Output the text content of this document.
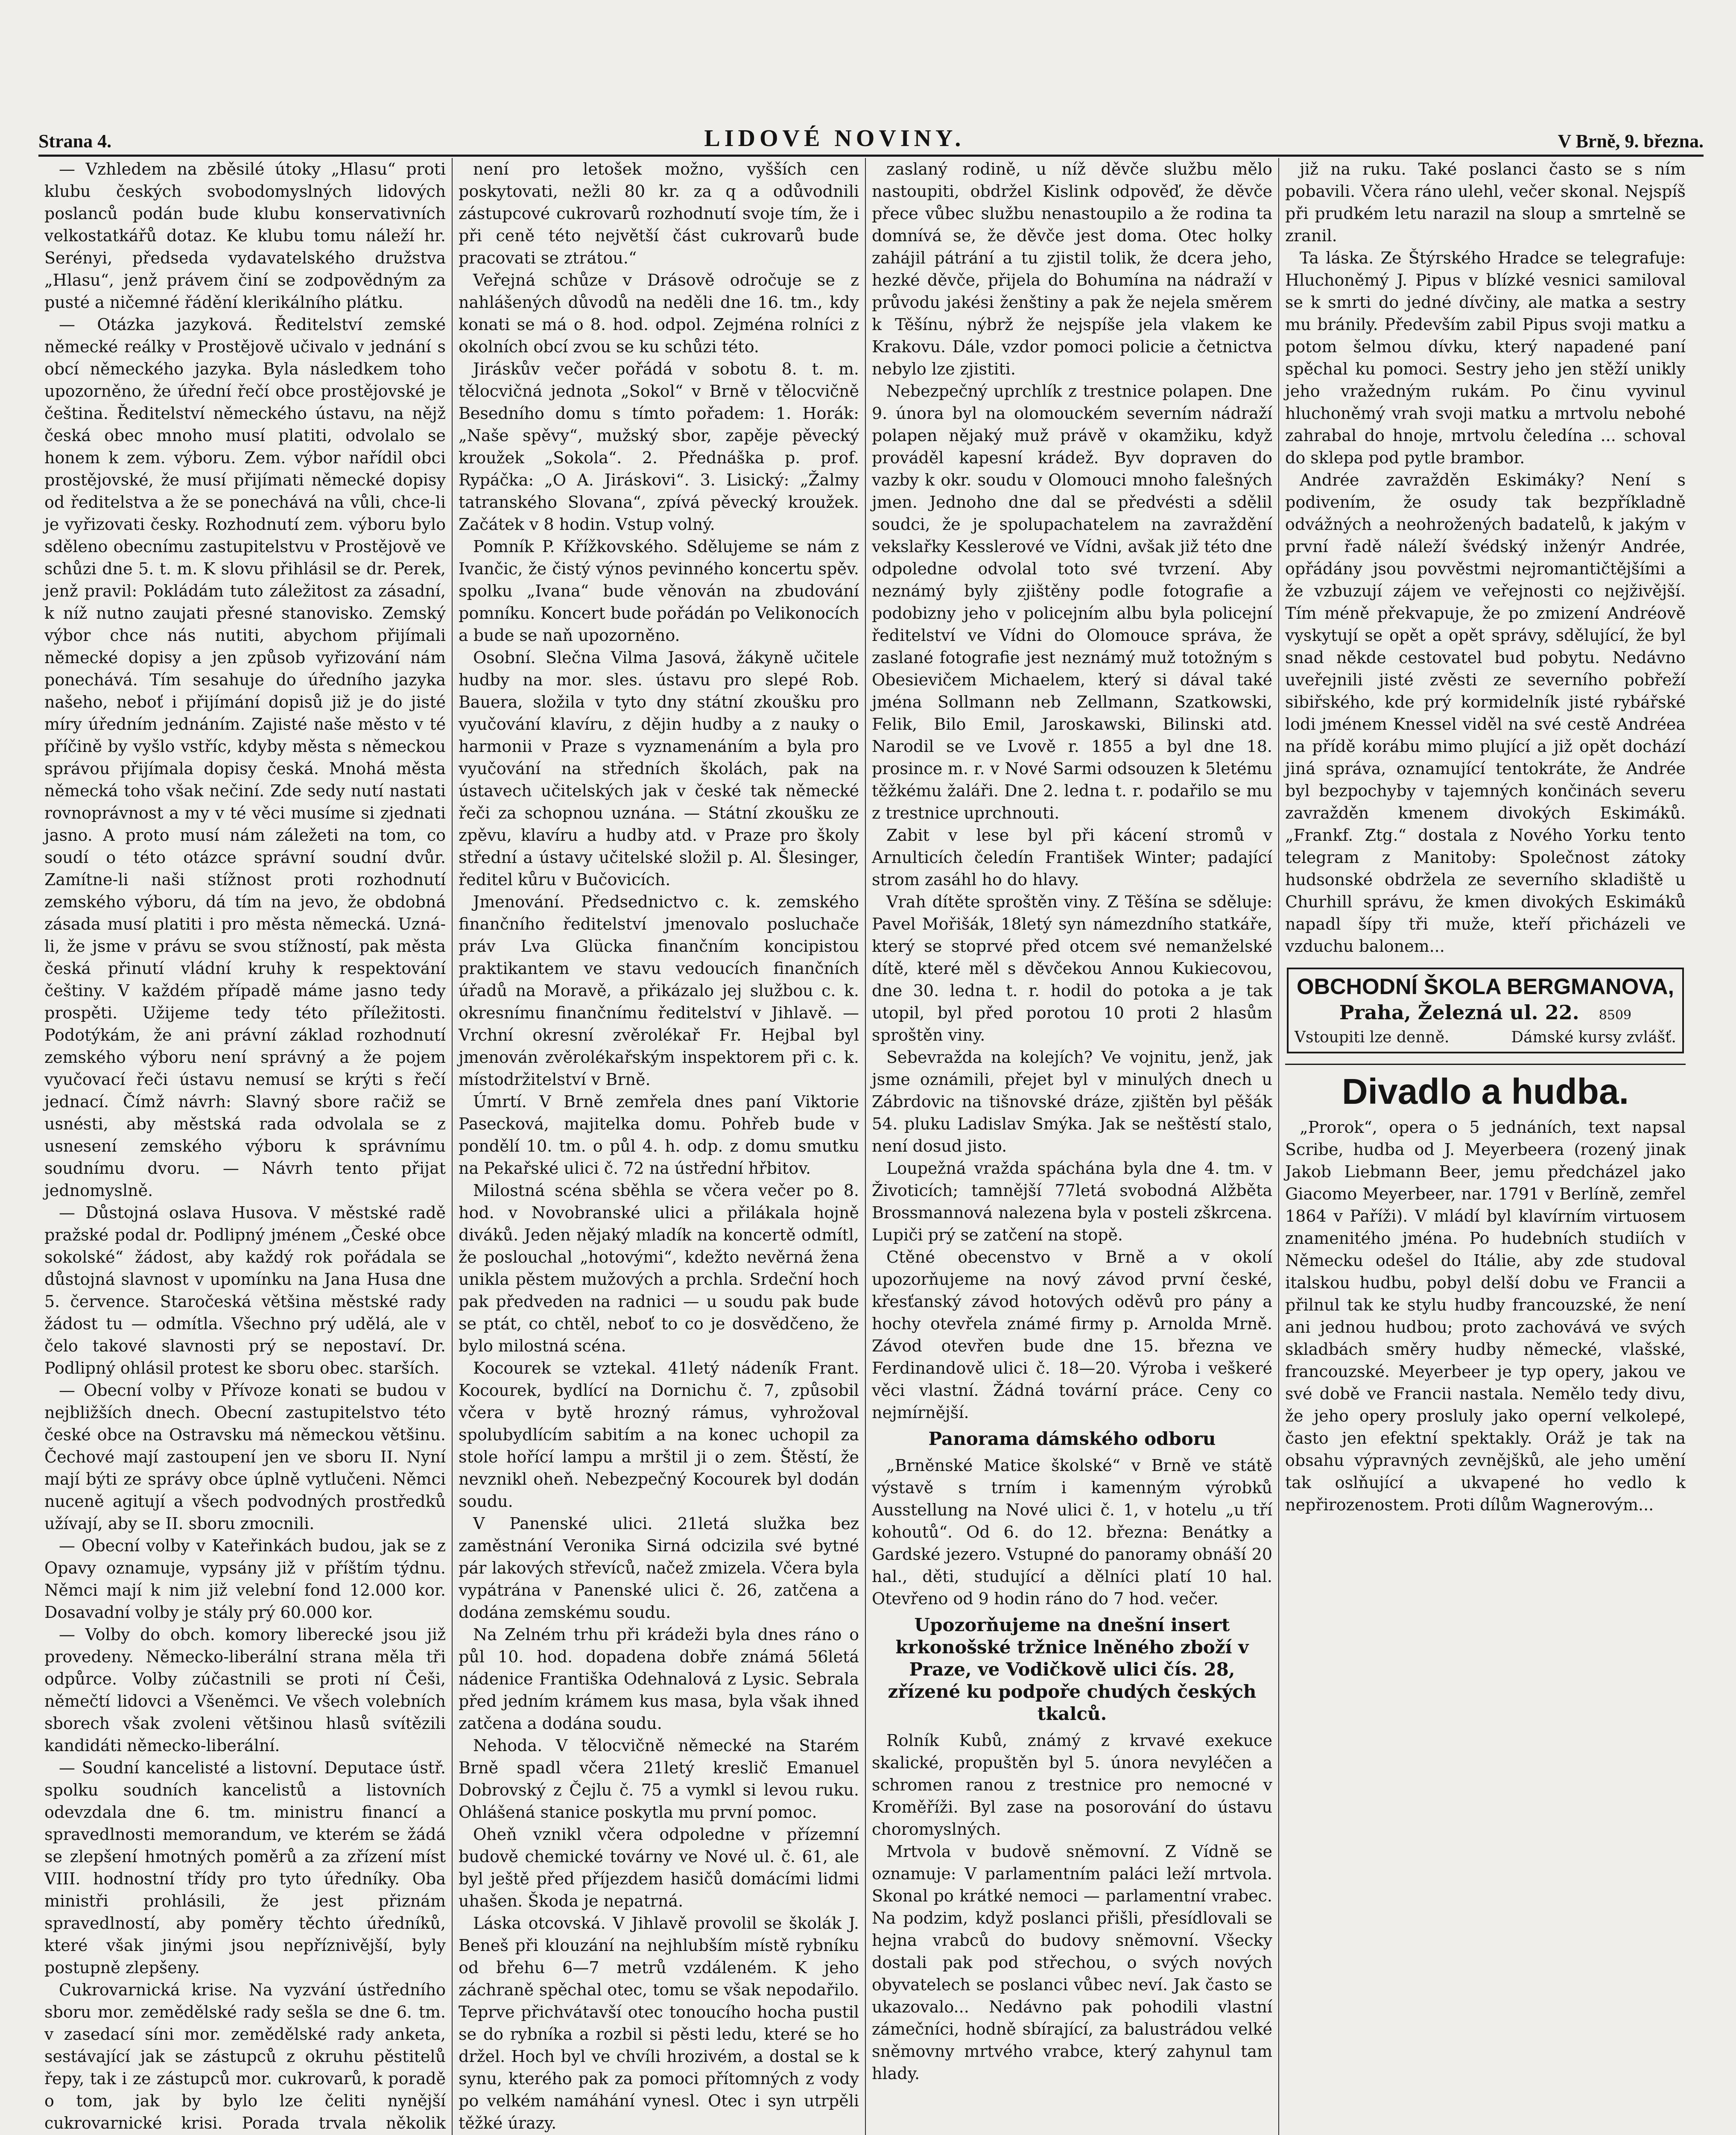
Strana 4.	LIDOVÉ NOVINY.	V Brně, 9. března.

— Vzhledem na zběsilé útoky „Hlasu“ proti klubu českých svobodomyslných lidových poslanců podán bude klubu konservativních velkostatkářů dotaz. Ke klubu tomu náleží hr. Serényi, předseda vydavatelského družstva „Hlasu“, jenž právem činí se zodpovědným za pusté a ničemné řádění klerikálního plátku.

— Otázka jazyková. Ředitelství zemské německé reálky v Prostějově učivalo v jednání s obcí německého jazyka. Byla následkem toho upozorněno, že úřední řečí obce prostějovské je čeština. Ředitelství německého ústavu, na nějž česká obec mnoho musí platiti, odvolalo se honem k zem. výboru. Zem. výbor nařídil obci prostějovské, že musí přijímati německé dopisy od ředitelstva a že se ponechává na vůli, chce-li je vyřizovati česky. Rozhodnutí zem. výboru bylo sděleno obecnímu zastupitelstvu v Prostějově ve schůzi dne 5. t. m. K slovu přihlásil se dr. Perek, jenž pravil: Pokládám tuto záležitost za zásadní, k níž nutno zaujati přesné stanovisko. Zemský výbor chce nás nutiti, abychom přijímali německé dopisy a jen způsob vyřizování nám ponechává. Tím sesahuje do úředního jazyka našeho, neboť i přijímání dopisů již je do jisté míry úředním jednáním. Zajisté naše město v té příčině by vyšlo vstříc, kdyby města s německou správou přijímala dopisy česká. Mnohá města německá toho však nečiní. Zde sedy nutí nastati rovnoprávnost a my v té věci musíme si zjednati jasno. A proto musí nám záležeti na tom, co soudí o této otázce správní soudní dvůr. Zamítne-li naši stížnost proti rozhodnutí zemského výboru, dá tím na jevo, že obdobná zásada musí platiti i pro města německá. Uzná-li, že jsme v právu se svou stížností, pak města česká přinutí vládní kruhy k respektování češtiny. V každém případě máme jasno tedy prospěti. Užijeme tedy této příležitosti. Podotýkám, že ani právní základ rozhodnutí zemského výboru není správný a že pojem vyučovací řeči ústavu nemusí se krýti s řečí jednací. Čímž návrh: Slavný sbore račiž se usnésti, aby městská rada odvolala se z usnesení zemského výboru k správnímu soudnímu dvoru. — Návrh tento přijat jednomyslně.

— Důstojná oslava Husova. V městské radě pražské podal dr. Podlipný jménem „České obce sokolské“ žádost, aby každý rok pořádala se důstojná slavnost v upomínku na Jana Husa dne 5. července. Staročeská většina městské rady žádost tu — odmítla. Všechno prý udělá, ale v čelo takové slavnosti prý se nepostaví. Dr. Podlipný ohlásil protest ke sboru obec. starších.

— Obecní volby v Přívoze konati se budou v nejbližších dnech. Obecní zastupitelstvo této české obce na Ostravsku má německou většinu. Čechové mají zastoupení jen ve sboru II. Nyní mají býti ze správy obce úplně vytlučeni. Němci nuceně agitují a všech podvodných prostředků užívají, aby se II. sboru zmocnili.

— Obecní volby v Kateřinkách budou, jak se z Opavy oznamuje, vypsány již v příštím týdnu. Němci mají k nim již velební fond 12.000 kor. Dosavadní volby je stály prý 60.000 kor.

— Volby do obch. komory liberecké jsou již provedeny. Německo-liberální strana měla tři odpůrce. Volby zúčastnili se proti ní Češi, němečtí lidovci a Všeněmci. Ve všech volebních sborech však zvoleni většinou hlasů svítězili kandidáti německo-liberální.

— Soudní kancelisté a listovní. Deputace ústř. spolku soudních kancelistů a listovních odevzdala dne 6. tm. ministru financí a spravedlnosti memorandum, ve kterém se žádá se zlepšení hmotných poměrů a za zřízení míst VIII. hodnostní třídy pro tyto úředníky. Oba ministři prohlásili, že jest přiznám spravedlností, aby poměry těchto úředníků, které však jinými jsou nepříznivější, byly postupně zlepšeny.

Cukrovarnická krise. Na vyzvání ústředního sboru mor. zemědělské rady sešla se dne 6. tm. v zasedací síni mor. zemědělské rady anketa, sestávající jak se zástupců z okruhu pěstitelů řepy, tak i ze zástupců mor. cukrovarů, k poradě o tom, jak by bylo lze čeliti nynější cukrovarnické krisi. Porada trvala několik

není pro letošek možno, vyšších cen poskytovati, nežli 80 kr. za q a odůvodnili zástupcové cukrovarů rozhodnutí svoje tím, že i při ceně této největší část cukrovarů bude pracovati se ztrátou.“

Veřejná schůze v Drásově odročuje se z nahlášených důvodů na neděli dne 16. tm., kdy konati se má o 8. hod. odpol. Zejména rolníci z okolních obcí zvou se ku schůzi této.

Jiráskův večer pořádá v sobotu 8. t. m. tělocvičná jednota „Sokol“ v Brně v tělocvičně Besedního domu s tímto pořadem: 1. Horák: „Naše spěvy“, mužský sbor, zapěje pěvecký kroužek „Sokola“. 2. Přednáška p. prof. Rypáčka: „O A. Jiráskovi“. 3. Lisický: „Žalmy tatranského Slovana“, zpívá pěvecký kroužek. Začátek v 8 hodin. Vstup volný.

Pomník P. Křížkovského. Sdělujeme se nám z Ivančic, že čistý výnos pevinného koncertu spěv. spolku „Ivana“ bude věnován na zbudování pomníku. Koncert bude pořádán po Velikonocích a bude se naň upozorněno.

Osobní. Slečna Vilma Jasová, žákyně učitele hudby na mor. sles. ústavu pro slepé Rob. Bauera, složila v tyto dny státní zkoušku pro vyučování klavíru, z dějin hudby a z nauky o harmonii v Praze s vyznamenáním a byla pro vyučování na středních školách, pak na ústavech učitelských jak v české tak německé řeči za schopnou uznána. — Státní zkoušku ze zpěvu, klavíru a hudby atd. v Praze pro školy střední a ústavy učitelské složil p. Al. Šlesinger, ředitel kůru v Bučovicích.

Jmenování. Předsednictvo c. k. zemského finančního ředitelství jmenovalo posluchače práv Lva Glücka finančním koncipistou praktikantem ve stavu vedoucích finančních úřadů na Moravě, a přikázalo jej službou c. k. okresnímu finančnímu ředitelství v Jihlavě. — Vrchní okresní zvěrolékař Fr. Hejbal byl jmenován zvěrolékařským inspektorem při c. k. místodržitelství v Brně.

Úmrtí. V Brně zemřela dnes paní Viktorie Pasecková, majitelka domu. Pohřeb bude v pondělí 10. tm. o půl 4. h. odp. z domu smutku na Pekařské ulici č. 72 na ústřední hřbitov.

Milostná scéna sběhla se včera večer po 8. hod. v Novobranské ulici a přilákala hojně diváků. Jeden nějaký mladík na koncertě odmítl, že poslouchal „hotovými“, kdežto nevěrná žena unikla pěstem mužových a prchla. Srdeční hoch pak předveden na radnici — u soudu pak bude se ptát, co chtěl, neboť to co je dosvědčeno, že bylo milostná scéna.

Kocourek se vztekal. 41letý nádeník Frant. Kocourek, bydlící na Dornichu č. 7, způsobil včera v bytě hrozný rámus, vyhrožoval spolubydlícím sabitím a na konec uchopil za stole hořící lampu a mrštil ji o zem. Štěstí, že nevznikl oheň. Nebezpečný Kocourek byl dodán soudu.

V Panenské ulici. 21letá služka bez zaměstnání Veronika Sirná odcizila své bytné pár lakových střevíců, načež zmizela. Včera byla vypátrána v Panenské ulici č. 26, zatčena a dodána zemskému soudu.

Na Zelném trhu při krádeži byla dnes ráno o půl 10. hod. dopadena dobře známá 56letá nádenice Františka Odehnalová z Lysic. Sebrala před jedním krámem kus masa, byla však ihned zatčena a dodána soudu.

Nehoda. V tělocvičně německé na Starém Brně spadl včera 21letý kreslič Emanuel Dobrovský z Čejlu č. 75 a vymkl si levou ruku. Ohlášená stanice poskytla mu první pomoc.

Oheň vznikl včera odpoledne v přízemní budově chemické továrny ve Nové ul. č. 61, ale byl ještě před příjezdem hasičů domácími lidmi uhašen. Škoda je nepatrná.

Láska otcovská. V Jihlavě provolil se školák J. Beneš při klouzání na nejhlubším místě rybníku od břehu 6—7 metrů vzdáleném. K jeho záchraně spěchal otec, tomu se však nepodařilo. Teprve přichvátavší otec tonoucího hocha pustil se do rybníka a rozbil si pěsti ledu, které se ho držel. Hoch byl ve chvíli hrozivém, a dostal se k synu, kterého pak za pomoci přítomných z vody po velkém namáhání vynesl. Otec i syn utrpěli těžké úrazy.

zaslaný rodině, u níž děvče službu mělo nastoupiti, obdržel Kislink odpověď, že děvče přece vůbec službu nenastoupilo a že rodina ta domnívá se, že děvče jest doma. Otec holky zahájil pátrání a tu zjistil tolik, že dcera jeho, hezké děvče, přijela do Bohumína na nádraží v průvodu jakési ženštiny a pak že nejela směrem k Těšínu, nýbrž že nejspíše jela vlakem ke Krakovu. Dále, vzdor pomoci policie a četnictva nebylo lze zjistiti.

Nebezpečný uprchlík z trestnice polapen. Dne 9. února byl na olomouckém severním nádraží polapen nějaký muž právě v okamžiku, když prováděl kapesní krádež. Byv dopraven do vazby k okr. soudu v Olomouci mnoho falešných jmen. Jednoho dne dal se předvésti a sdělil soudci, že je spolupachatelem na zavraždění vekslařky Kesslerové ve Vídni, avšak již této dne odpoledne odvolal toto své tvrzení. Aby neznámý byly zjištěny podle fotografie a podobizny jeho v policejním albu byla policejní ředitelství ve Vídni do Olomouce správa, že zaslané fotografie jest neznámý muž totožným s Obesievičem Michaelem, který si dával také jména Sollmann neb Zellmann, Szatkowski, Felik, Bilo Emil, Jaroskawski, Bilinski atd. Narodil se ve Lvově r. 1855 a byl dne 18. prosince m. r. v Nové Sarmi odsouzen k 5letému těžkému žaláři. Dne 2. ledna t. r. podařilo se mu z trestnice uprchnouti.

Zabit v lese byl při kácení stromů v Arnulticích čeledín František Winter; padající strom zasáhl ho do hlavy.

Vrah dítěte sproštěn viny. Z Těšína se sděluje: Pavel Mořišák, 18letý syn námezdního statkáře, který se stoprvé před otcem své nemanželské dítě, které měl s děvčekou Annou Kukiecovou, dne 30. ledna t. r. hodil do potoka a je tak utopil, byl před porotou 10 proti 2 hlasům sproštěn viny.

Sebevražda na kolejích? Ve vojnitu, jenž, jak jsme oznámili, přejet byl v minulých dnech u Zábrdovic na tišnovské dráze, zjištěn byl pěšák 54. pluku Ladislav Smýka. Jak se neštěstí stalo, není dosud jisto.

Loupežná vražda spáchána byla dne 4. tm. v Životicích; tamnější 77letá svobodná Alžběta Brossmannová nalezena byla v posteli zškrcena. Lupiči prý se zatčení na stopě.

Ctěné obecenstvo v Brně a v okolí upozorňujeme na nový závod první české, křesťanský závod hotových oděvů pro pány a hochy otevřela známé firmy p. Arnolda Mrně. Závod otevřen bude dne 15. března ve Ferdinandově ulici č. 18—20. Výroba i veškeré věci vlastní. Žádná tovární práce. Ceny co nejmírnější.

Panorama dámského odboru

„Brněnské Matice školské“ v Brně ve státě výstavě s trním i kamenným výrobků Ausstellung na Nové ulici č. 1, v hotelu „u tří kohoutů“. Od 6. do 12. března: Benátky a Gardské jezero. Vstupné do panoramy obnáší 20 hal., děti, studující a dělníci platí 10 hal. Otevřeno od 9 hodin ráno do 7 hod. večer.

Upozorňujeme na dnešní insert krkonošské tržnice lněného zboží v Praze, ve Vodičkově ulici čís. 28, zřízené ku podpoře chudých českých tkalců.

Rolník Kubů, známý z krvavé exekuce skalické, propuštěn byl 5. února nevyléčen a schromen ranou z trestnice pro nemocné v Kroměříži. Byl zase na posorování do ústavu choromyslných.

Mrtvola v budově sněmovní. Z Vídně se oznamuje: V parlamentním paláci leží mrtvola. Skonal po krátké nemoci — parlamentní vrabec. Na podzim, když poslanci přišli, přesídlovali se hejna vrabců do budovy sněmovní. Všecky dostali pak pod střechou, o svých nových obyvatelech se poslanci vůbec neví. Jak často se ukazovalo... Nedávno pak pohodili vlastní zámečníci, hodně sbírající, za balustrádou velké sněmovny mrtvého vrabce, který zahynul tam hlady.

již na ruku. Také poslanci často se s ním pobavili. Včera ráno ulehl, večer skonal. Nejspíš při prudkém letu narazil na sloup a smrtelně se zranil.

Ta láska. Ze Štýrského Hradce se telegrafuje: Hluchoněmý J. Pipus v blízké vesnici samiloval se k smrti do jedné dívčiny, ale matka a sestry mu bránily. Především zabil Pipus svoji matku a potom šelmou dívku, který napadené paní spěchal ku pomoci. Sestry jeho jen stěží unikly jeho vražedným rukám. Po činu vyvinul hluchoněmý vrah svoji matku a mrtvolu nebohé zahrabal do hnoje, mrtvolu čeledína ... schoval do sklepa pod pytle brambor.

Andrée zavražděn Eskimáky? Není s podivením, že osudy tak bezpříkladně odvážných a neohrožených badatelů, k jakým v první řadě náleží švédský inženýr Andrée, opřádány jsou povvěstmi nejromantičtějšími a že vzbuzují zájem ve veřejnosti co nejživější. Tím méně překvapuje, že po zmizení Andréově vyskytují se opět a opět správy, sdělující, že byl snad někde cestovatel bud pobytu. Nedávno uveřejnili jisté zvěsti ze severního pobřeží sibiřského, kde prý kormidelník jisté rybářské lodi jménem Knessel viděl na své cestě Andréea na přídě korábu mimo plující a již opět dochází jiná správa, oznamující tentokráte, že Andrée byl bezpochyby v tajemných končinách severu zavražděn kmenem divokých Eskimáků. „Frankf. Ztg.“ dostala z Nového Yorku tento telegram z Manitoby: Společnost zátoky hudsonské obdržela ze severního skladiště u Churhill správu, že kmen divokých Eskimáků napadl šípy tři muže, kteří přicházeli ve vzduchu balonem...

OBCHODNÍ ŠKOLA BERGMANOVA,
Praha, Železná ul. 22. 8509
Vstoupiti lze denně.	Dámské kursy zvlášť.
Divadlo a hudba.

„Prorok“, opera o 5 jednáních, text napsal Scribe, hudba od J. Meyerbeera (rozený jinak Jakob Liebmann Beer, jemu předcházel jako Giacomo Meyerbeer, nar. 1791 v Berlíně, zemřel 1864 v Paříži). V mládí byl klavírním virtuosem znamenitého jména. Po hudebních studiích v Německu odešel do Itálie, aby zde studoval italskou hudbu, pobyl delší dobu ve Francii a přilnul tak ke stylu hudby francouzské, že není ani jednou hudbou; proto zachovává ve svých skladbách směry hudby německé, vlašské, francouzské. Meyerbeer je typ opery, jakou ve své době ve Francii nastala. Nemělo tedy divu, že jeho opery prosluly jako operní velkolepé, často jen efektní spektakly. Oráž je tak na obsahu výpravných zevnějšků, ale jeho umění tak oslňující a ukvapené ho vedlo k nepřirozenostem. Proti dílům Wagnerovým...
